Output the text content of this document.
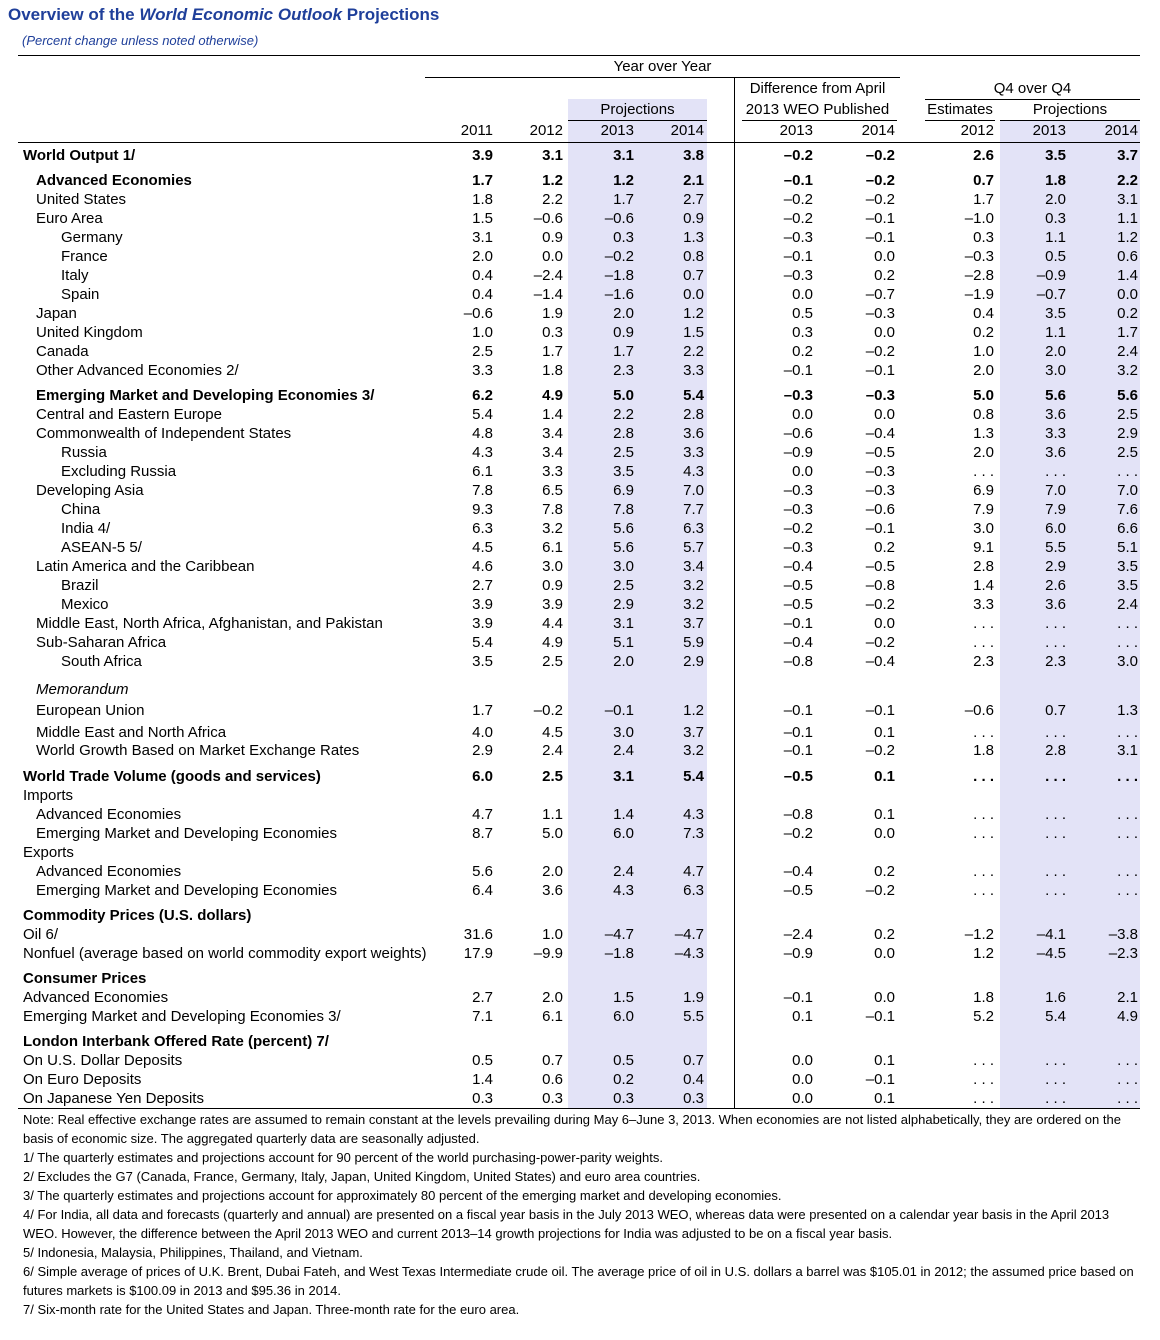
Overview of the World Economic Outlook Projections
(Percent change unless noted otherwise)
Year over Year
Difference from April
2013 WEO Published
Projections
Q4 over Q4
Estimates	Projections
2011	2012	2013	2014	2013	2014	2012	2013	2014
World Output 1/	3.9	3.1	3.1	3.8	–0.2	–0.2	2.6	3.5	3.7
Advanced Economies	1.7	1.2	1.2	2.1	–0.1	–0.2	0.7	1.8	2.2
United States	1.8	2.2	1.7	2.7	–0.2	–0.2	1.7	2.0	3.1
Euro Area	1.5	–0.6	–0.6	0.9	–0.2	–0.1	–1.0	0.3	1.1
Germany	3.1	0.9	0.3	1.3	–0.3	–0.1	0.3	1.1	1.2
France	2.0	0.0	–0.2	0.8	–0.1	0.0	–0.3	0.5	0.6
Italy	0.4	–2.4	–1.8	0.7	–0.3	0.2	–2.8	–0.9	1.4
Spain	0.4	–1.4	–1.6	0.0	0.0	–0.7	–1.9	–0.7	0.0
Japan	–0.6	1.9	2.0	1.2	0.5	–0.3	0.4	3.5	0.2
United Kingdom	1.0	0.3	0.9	1.5	0.3	0.0	0.2	1.1	1.7
Canada	2.5	1.7	1.7	2.2	0.2	–0.2	1.0	2.0	2.4
Other Advanced Economies 2/	3.3	1.8	2.3	3.3	–0.1	–0.1	2.0	3.0	3.2
Emerging Market and Developing Economies 3/	6.2	4.9	5.0	5.4	–0.3	–0.3	5.0	5.6	5.6
Central and Eastern Europe	5.4	1.4	2.2	2.8	0.0	0.0	0.8	3.6	2.5
Commonwealth of Independent States	4.8	3.4	2.8	3.6	–0.6	–0.4	1.3	3.3	2.9
Russia	4.3	3.4	2.5	3.3	–0.9	–0.5	2.0	3.6	2.5
Excluding Russia	6.1	3.3	3.5	4.3	0.0	–0.3	. . .	. . .	. . .
Developing Asia	7.8	6.5	6.9	7.0	–0.3	–0.3	6.9	7.0	7.0
China	9.3	7.8	7.8	7.7	–0.3	–0.6	7.9	7.9	7.6
India 4/	6.3	3.2	5.6	6.3	–0.2	–0.1	3.0	6.0	6.6
ASEAN-5 5/	4.5	6.1	5.6	5.7	–0.3	0.2	9.1	5.5	5.1
Latin America and the Caribbean	4.6	3.0	3.0	3.4	–0.4	–0.5	2.8	2.9	3.5
Brazil	2.7	0.9	2.5	3.2	–0.5	–0.8	1.4	2.6	3.5
Mexico	3.9	3.9	2.9	3.2	–0.5	–0.2	3.3	3.6	2.4
Middle East, North Africa, Afghanistan, and Pakistan	3.9	4.4	3.1	3.7	–0.1	0.0	. . .	. . .	. . .
Sub-Saharan Africa	5.4	4.9	5.1	5.9	–0.4	–0.2	. . .	. . .	. . .
South Africa	3.5	2.5	2.0	2.9	–0.8	–0.4	2.3	2.3	3.0
Memorandum
European Union	1.7	–0.2	–0.1	1.2	–0.1	–0.1	–0.6	0.7	1.3
Middle East and North Africa	4.0	4.5	3.0	3.7	–0.1	0.1	. . .	. . .	. . .
World Growth Based on Market Exchange Rates	2.9	2.4	2.4	3.2	–0.1	–0.2	1.8	2.8	3.1
World Trade Volume (goods and services)	6.0	2.5	3.1	5.4	–0.5	0.1	. . .	. . .	. . .
Imports
Advanced Economies	4.7	1.1	1.4	4.3	–0.8	0.1	. . .	. . .	. . .
Emerging Market and Developing Economies	8.7	5.0	6.0	7.3	–0.2	0.0	. . .	. . .	. . .
Exports
Advanced Economies	5.6	2.0	2.4	4.7	–0.4	0.2	. . .	. . .	. . .
Emerging Market and Developing Economies	6.4	3.6	4.3	6.3	–0.5	–0.2	. . .	. . .	. . .
Commodity Prices (U.S. dollars)
Oil 6/	31.6	1.0	–4.7	–4.7	–2.4	0.2	–1.2	–4.1	–3.8
Nonfuel (average based on world commodity export weights)	17.9	–9.9	–1.8	–4.3	–0.9	0.0	1.2	–4.5	–2.3
Consumer Prices
Advanced Economies	2.7	2.0	1.5	1.9	–0.1	0.0	1.8	1.6	2.1
Emerging Market and Developing Economies 3/	7.1	6.1	6.0	5.5	0.1	–0.1	5.2	5.4	4.9
London Interbank Offered Rate (percent) 7/
On U.S. Dollar Deposits	0.5	0.7	0.5	0.7	0.0	0.1	. . .	. . .	. . .
On Euro Deposits	1.4	0.6	0.2	0.4	0.0	–0.1	. . .	. . .	. . .
On Japanese Yen Deposits	0.3	0.3	0.3	0.3	0.0	0.1	. . .	. . .	. . .

Note: Real effective exchange rates are assumed to remain constant at the levels prevailing during May 6–June 3, 2013. When economies are not listed alphabetically, they are ordered on the basis of economic size. The aggregated quarterly data are seasonally adjusted.

1/ The quarterly estimates and projections account for 90 percent of the world purchasing-power-parity weights.

2/ Excludes the G7 (Canada, France, Germany, Italy, Japan, United Kingdom, United States) and euro area countries.

3/ The quarterly estimates and projections account for approximately 80 percent of the emerging market and developing economies.

4/ For India, all data and forecasts (quarterly and annual) are presented on a fiscal year basis in the July 2013 WEO, whereas data were presented on a calendar year basis in the April 2013 WEO. However, the difference between the April 2013 WEO and current 2013–14 growth projections for India was adjusted to be on a fiscal year basis.

5/ Indonesia, Malaysia, Philippines, Thailand, and Vietnam.

6/ Simple average of prices of U.K. Brent, Dubai Fateh, and West Texas Intermediate crude oil. The average price of oil in U.S. dollars a barrel was $105.01 in 2012; the assumed price based on futures markets is $100.09 in 2013 and $95.36 in 2014.

7/ Six-month rate for the United States and Japan. Three-month rate for the euro area.
